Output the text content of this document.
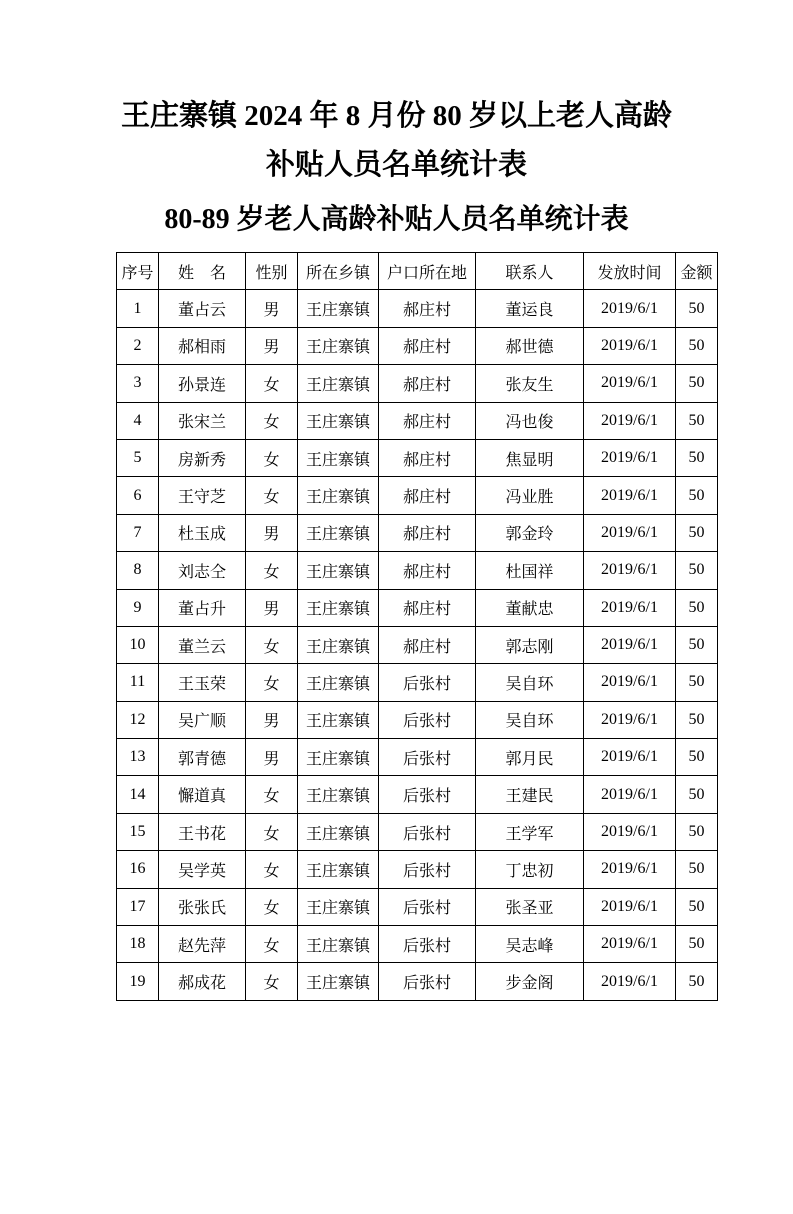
王庄寨镇 2024 年 8 月份 80 岁以上老人高龄
补贴人员名单统计表
80-89 岁老人高龄补贴人员名单统计表
序号	姓　名	性别	所在乡镇	户口所在地	联系人	发放时间	金额
1	董占云	男	王庄寨镇	郝庄村	董运良	2019/6/1	50
2	郝相雨	男	王庄寨镇	郝庄村	郝世德	2019/6/1	50
3	孙景连	女	王庄寨镇	郝庄村	张友生	2019/6/1	50
4	张宋兰	女	王庄寨镇	郝庄村	冯也俊	2019/6/1	50
5	房新秀	女	王庄寨镇	郝庄村	焦显明	2019/6/1	50
6	王守芝	女	王庄寨镇	郝庄村	冯业胜	2019/6/1	50
7	杜玉成	男	王庄寨镇	郝庄村	郭金玲	2019/6/1	50
8	刘志仝	女	王庄寨镇	郝庄村	杜国祥	2019/6/1	50
9	董占升	男	王庄寨镇	郝庄村	董献忠	2019/6/1	50
10	董兰云	女	王庄寨镇	郝庄村	郭志刚	2019/6/1	50
11	王玉荣	女	王庄寨镇	后张村	吴自环	2019/6/1	50
12	吴广顺	男	王庄寨镇	后张村	吴自环	2019/6/1	50
13	郭青德	男	王庄寨镇	后张村	郭月民	2019/6/1	50
14	懈道真	女	王庄寨镇	后张村	王建民	2019/6/1	50
15	王书花	女	王庄寨镇	后张村	王学军	2019/6/1	50
16	吴学英	女	王庄寨镇	后张村	丁忠初	2019/6/1	50
17	张张氏	女	王庄寨镇	后张村	张圣亚	2019/6/1	50
18	赵先萍	女	王庄寨镇	后张村	吴志峰	2019/6/1	50
19	郝成花	女	王庄寨镇	后张村	步金阁	2019/6/1	50
